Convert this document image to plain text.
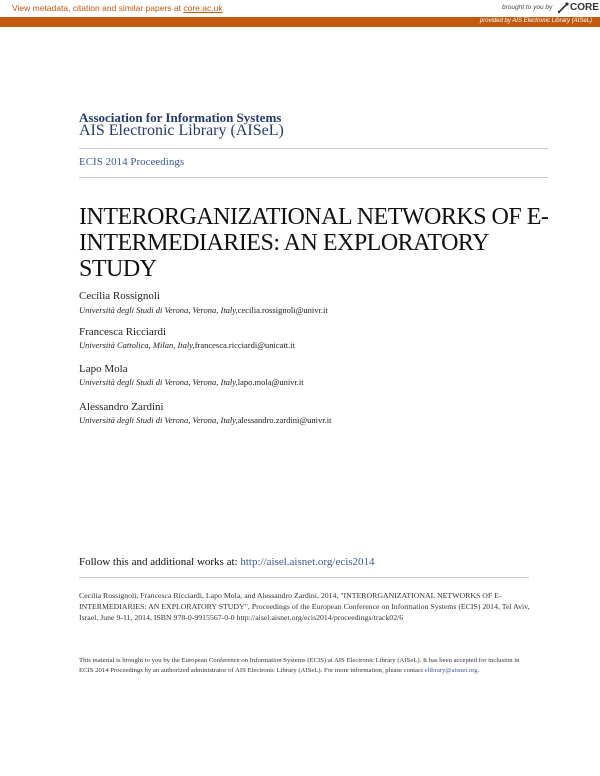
View metadata, citation and similar papers at core.ac.uk	brought to you by CORE
provided by AIS Electronic Library (AISeL)
Association for Information Systems
AIS Electronic Library (AISeL)
ECIS 2014 Proceedings
INTERORGANIZATIONAL NETWORKS OF E-INTERMEDIARIES: AN EXPLORATORY STUDY
Cecilia Rossignoli
Università degli Studi di Verona, Verona, Italy,cecilia.rossignoli@univr.it
Francesca Ricciardi
Università Cattolica, Milan, Italy,francesca.ricciardi@unicatt.it
Lapo Mola
Università degli Studi di Verona, Verona, Italy,lapo.mola@univr.it
Alessandro Zardini
Università degli Studi di Verona, Verona, Italy,alessandro.zardini@univr.it
Follow this and additional works at: http://aisel.aisnet.org/ecis2014
Cecilia Rossignoli, Francesca Ricciardi, Lapo Mola, and Alessandro Zardini, 2014, "INTERORGANIZATIONAL NETWORKS OF E-INTERMEDIARIES: AN EXPLORATORY STUDY", Proceedings of the European Conference on Information Systems (ECIS) 2014, Tel Aviv, Israel, June 9-11, 2014, ISBN 978-0-9915567-0-0 http://aisel.aisnet.org/ecis2014/proceedings/track02/6
This material is brought to you by the European Conference on Information Systems (ECIS) at AIS Electronic Library (AISeL). It has been accepted for inclusion in ECIS 2014 Proceedings by an authorized administrator of AIS Electronic Library (AISeL). For more information, please contact elibrary@aisnet.org.
